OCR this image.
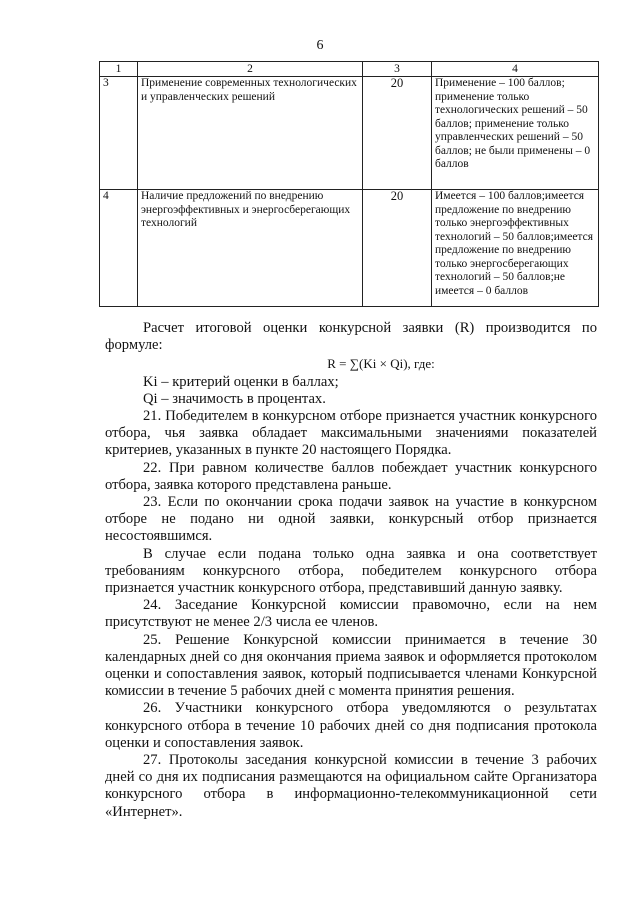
6
1	2	3	4
3	Применение современных технологических и управленческих решений	20	Применение – 100 баллов; применение только технологических решений – 50 баллов; применение только управленческих решений – 50 баллов; не были применены – 0 баллов
4	Наличие предложений по внедрению энергоэффективных и энергосберегающих технологий	20	Имеется – 100 баллов;имеется предложение по внедрению только энергоэффективных технологий – 50 баллов;имеется предложение по внедрению только энергосберегающих технологий – 50 баллов;не имеется – 0 баллов

Расчет итоговой оценки конкурсной заявки (R) производится по формуле:

R = ∑(Ki × Qi), где:

Ki – критерий оценки в баллах;

Qi – значимость в процентах.

21. Победителем в конкурсном отборе признается участник конкурсного отбора, чья заявка обладает максимальными значениями показателей критериев, указанных в пункте 20 настоящего Порядка.

22. При равном количестве баллов побеждает участник конкурсного отбора, заявка которого представлена раньше.

23. Если по окончании срока подачи заявок на участие в конкурсном отборе не подано ни одной заявки, конкурсный отбор признается несостоявшимся.

В случае если подана только одна заявка и она соответствует требованиям конкурсного отбора, победителем конкурсного отбора признается участник конкурсного отбора, представивший данную заявку.

24. Заседание Конкурсной комиссии правомочно, если на нем присутствуют не менее 2/3 числа ее членов.

25. Решение Конкурсной комиссии принимается в течение 30 календарных дней со дня окончания приема заявок и оформляется протоколом оценки и сопоставления заявок, который подписывается членами Конкурсной комиссии в течение 5 рабочих дней с момента принятия решения.

26. Участники конкурсного отбора уведомляются о результатах конкурсного отбора в течение 10 рабочих дней со дня подписания протокола оценки и сопоставления заявок.

27. Протоколы заседания конкурсной комиссии в течение 3 рабочих дней со дня их подписания размещаются на официальном сайте Организатора конкурсного отбора в информационно-телекоммуникационной сети «Интернет».
